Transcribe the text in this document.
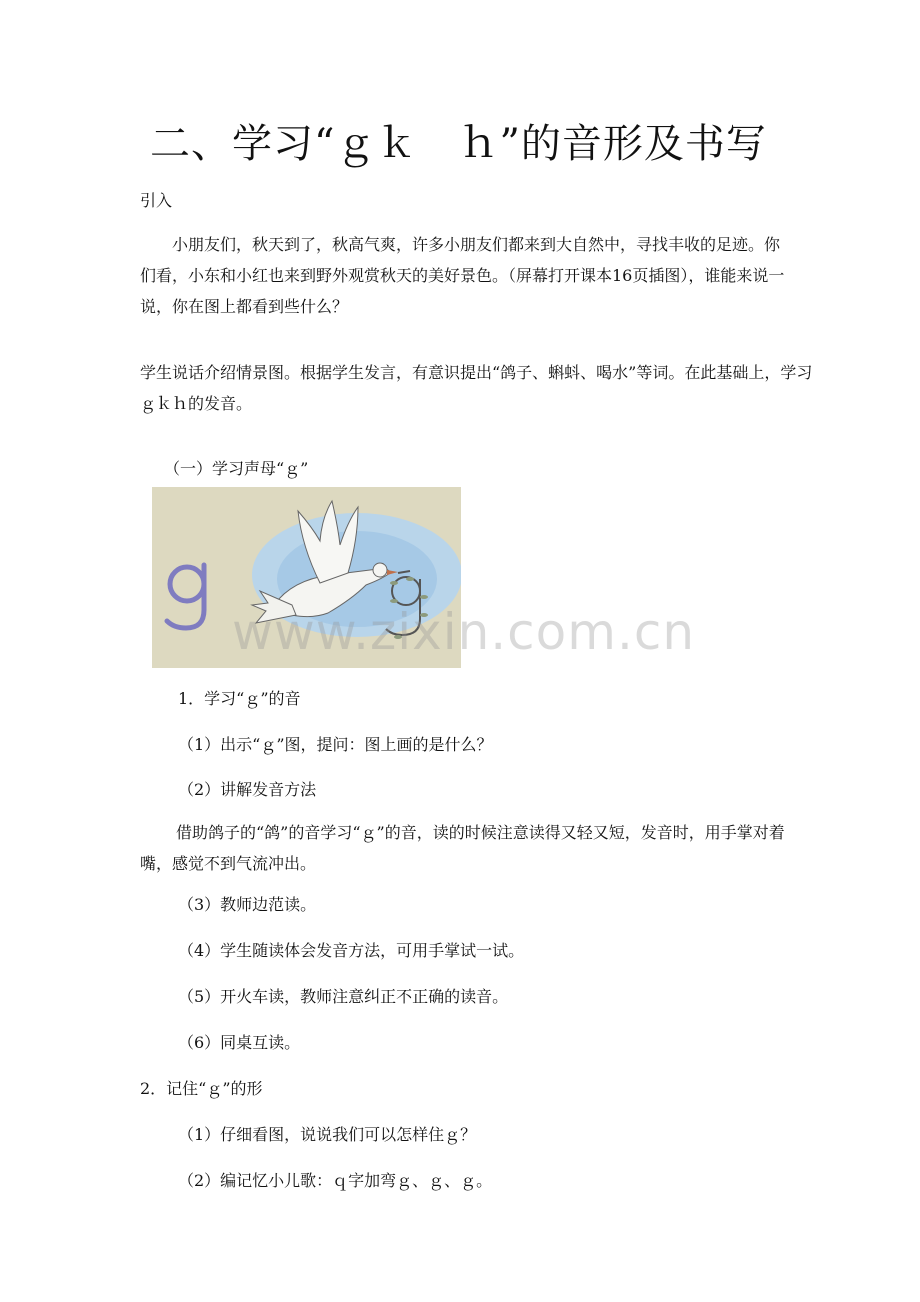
二、学习“ｇｋ　ｈ”的音形及书写
引入
小朋友们，秋天到了，秋高气爽，许多小朋友们都来到大自然中，寻找丰收的足迹。你们看，小东和小红也来到野外观赏秋天的美好景色。（屏幕打开课本16页插图），谁能来说一说，你在图上都看到些什么？
学生说话介绍情景图。根据学生发言，有意识提出“鸽子、蝌蚪、喝水”等词。在此基础上，学习ｇｋｈ的发音。
（一）学习声母“ｇ”
www.zixin.com.cn
1．学习“ｇ”的音
（1）出示“ｇ”图，提问：图上画的是什么？
（2）讲解发音方法
借助鸽子的“鸽”的音学习“ｇ”的音，读的时候注意读得又轻又短，发音时，用手掌对着嘴，感觉不到气流冲出。
（3）教师边范读。
（4）学生随读体会发音方法，可用手掌试一试。
（5）开火车读，教师注意纠正不正确的读音。
（6）同桌互读。
2．记住“ｇ”的形
（1）仔细看图，说说我们可以怎样住ｇ？
（2）编记忆小儿歌：ｑ字加弯ｇ、ｇ、ｇ。
